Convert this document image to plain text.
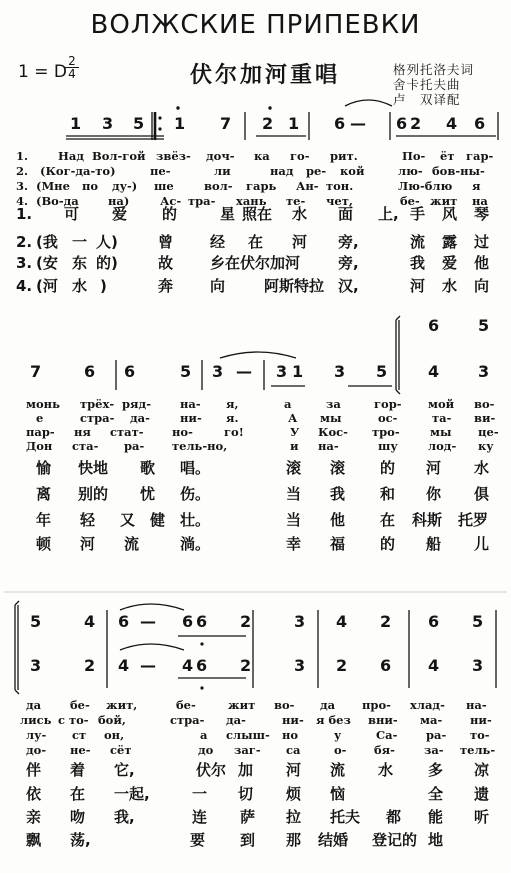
ВОЛЖСКИЕ ПРИПЕВКИ
1 = D
2
4	伏尔加河重唱	格列托洛夫词
舍卡托夫曲
卢　双译配
1 3 5 1 7 2 1 6 — 6 2 4 6
1.	Над Вол-гой звёз- доч- ка го- рит.	По- ёт гар-
2. (Ког-да-то)	пе-	ли	над ре- кой	лю- бов-ны-
3. (Мне по ду-) ше	вол- гарь Ан- тон.	Лю-блю я
4. (Во-да	на)	Ас- тра- хань те- чет,	бе- жит на
1. 可 爱 的	星 照在 水 面 上, 手 风 琴
2. (我 一 人)	曾 经 在 河 旁,	流 露 过
3. (安 东 的)	故 乡在伏尔加河	旁,	我 爱 他
4. (河 水 )	奔 向	阿斯特拉 汉,	河 水 向
7	6 6	5 3 — 3 1 3 5
6 5
4 3
монь трёх- ряд-	на- я,	а	за	гор- мой во-
е	стра- да-	ни- я.	А мы	ос-	та- ви-
пар- ня стат- но-	го!	У Кос- тро-	мы це-
Дон ста- ра- тель-но,	и на-	шу	лод- ку
愉 快地 歌 唱。	滚 滚 的 河 水
离 别的 忧 伤。	当 我 和 你 俱
年 轻 又 健 壮。	当 他 在 科斯 托罗
顿 河 流	淌。	幸 福 的 船 儿
5	4 6 — 6 6 2	3 4 2 6 5
3	2 4 — 4 6 2	3 2 6 4 3
да	бе- жит,	бе-	жит во- да про- хлад- на-
лись с то- бой,	стра- да-	ни- я без вни- ма- ни-
лу- ст он,	а слыш- но	у	Са- ра- то-
до- не- сёт	до заг- са	о- бя-	за- тель-
伴 着 它,	伏尔 加 河 流 水 多 凉
依 在 一起,	一 切 烦 恼	全 遗
亲 吻 我,	连 萨 拉 托夫 都 能 听
飘 荡,	要 到 那 结婚 登记的 地
